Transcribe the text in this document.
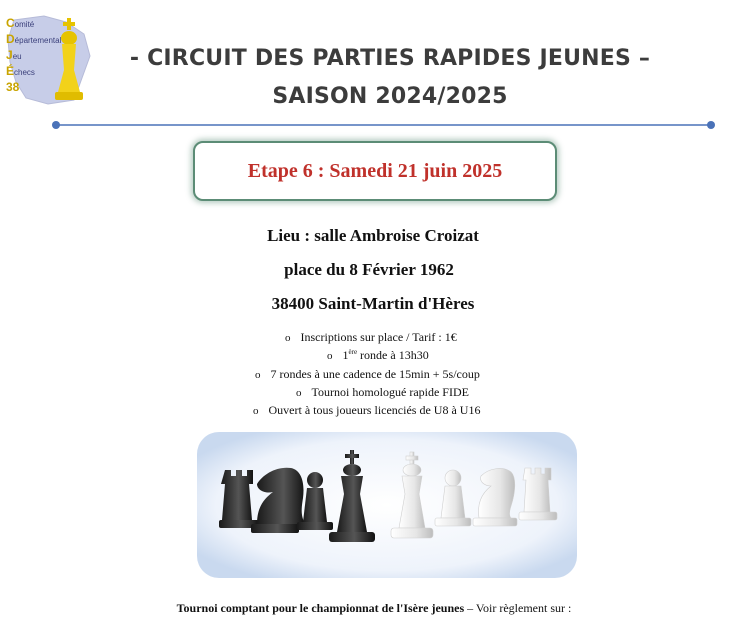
Comité
Départemental
Jeu
Échecs
38
- CIRCUIT DES PARTIES RAPIDES JEUNES –
SAISON 2024/2025
Etape 6 : Samedi 21 juin 2025
Lieu : salle Ambroise Croizat
place du 8 Février 1962
38400 Saint-Martin d'Hères
o Inscriptions sur place / Tarif : 1€
o 1ère ronde à 13h30
o 7 rondes à une cadence de 15min + 5s/coup
o Tournoi homologué rapide FIDE
o Ouvert à tous joueurs licenciés de U8 à U16
Tournoi comptant pour le championnat de l'Isère jeunes – Voir règlement sur :
